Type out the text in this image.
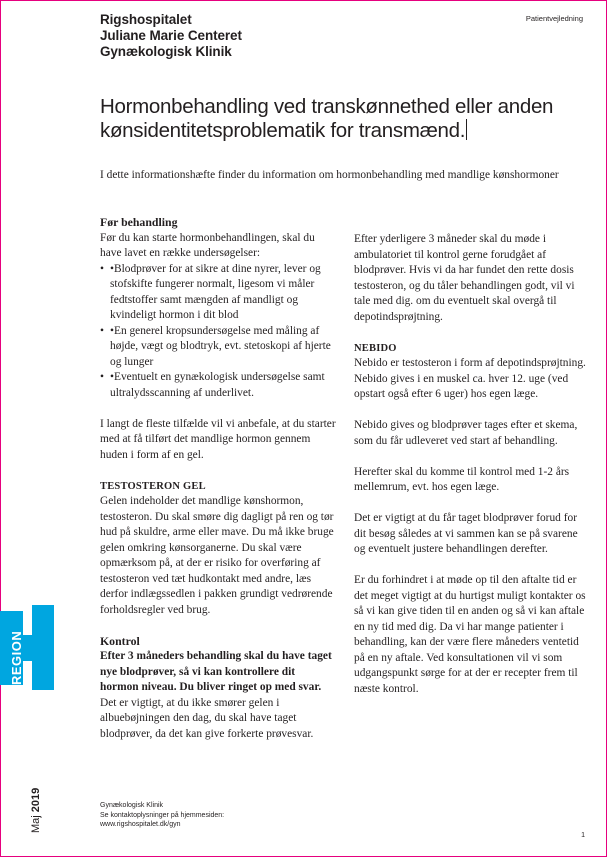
Rigshospitalet
Juliane Marie Centeret
Gynækologisk Klinik
Patientvejledning
Hormonbehandling ved transkønnethed eller anden kønsidentitetsproblematik for transmænd.
I dette informationshæfte finder du information om hormonbehandling med mandlige kønshormoner
Før behandling
Før du kan starte hormonbehandlingen, skal du have lavet en række undersøgelser:
• •Blodprøver for at sikre at dine nyrer, lever og stofskifte fungerer normalt, ligesom vi måler fedtstoffer samt mængden af mandligt og kvindeligt hormon i dit blod
• •En generel kropsundersøgelse med måling af højde, vægt og blodtryk, evt. stetoskopi af hjerte og lunger
• •Eventuelt en gynækologisk undersøgelse samt ultralydsscanning af underlivet.

I langt de fleste tilfælde vil vi anbefale, at du starter med at få tilført det mandlige hormon gennem huden i form af en gel.

TESTOSTERON GEL

Gelen indeholder det mandlige kønshormon, testosteron. Du skal smøre dig dagligt på ren og tør hud på skuldre, arme eller mave. Du må ikke bruge gelen omkring kønsorganerne. Du skal være opmærksom på, at der er risiko for overføring af testosteron ved tæt hudkontakt med andre, læs derfor indlægssedlen i pakken grundigt vedrørende forholdsregler ved brug.

Kontrol
Efter 3 måneders behandling skal du have taget nye blodprøver, så vi kan kontrollere dit hormon niveau. Du bliver ringet op med svar. Det er vigtigt, at du ikke smører gelen i albuebøjningen den dag, du skal have taget blodprøver, da det kan give forkerte prøvesvar.

Efter yderligere 3 måneder skal du møde i ambulatoriet til kontrol gerne forudgået af blodprøver. Hvis vi da har fundet den rette dosis testosteron, og du tåler behandlingen godt, vil vi tale med dig. om du eventuelt skal overgå til depotindsprøjtning.

NEBIDO

Nebido er testosteron i form af depotindsprøjtning. Nebido gives i en muskel ca. hver 12. uge (ved opstart også efter 6 uger) hos egen læge.

Nebido gives og blodprøver tages efter et skema, som du får udleveret ved start af behandling.

Herefter skal du komme til kontrol med 1-2 års mellemrum, evt. hos egen læge.

Det er vigtigt at du får taget blodprøver forud for dit besøg således at vi sammen kan se på svarene og eventuelt justere behandlingen derefter.

Er du forhindret i at møde op til den aftalte tid er det meget vigtigt at du hurtigst muligt kontakter os så vi kan give tiden til en anden og så vi kan aftale en ny tid med dig. Da vi har mange patienter i behandling, kan der være flere måneders ventetid på en ny aftale. Ved konsultationen vil vi som udgangspunkt sørge for at der er recepter frem til næste kontrol.

REGION
Maj 2019	Gynækologisk Klinik
Se kontaktoplysninger på hjemmesiden:
www.rigshospitalet.dk/gyn
1
